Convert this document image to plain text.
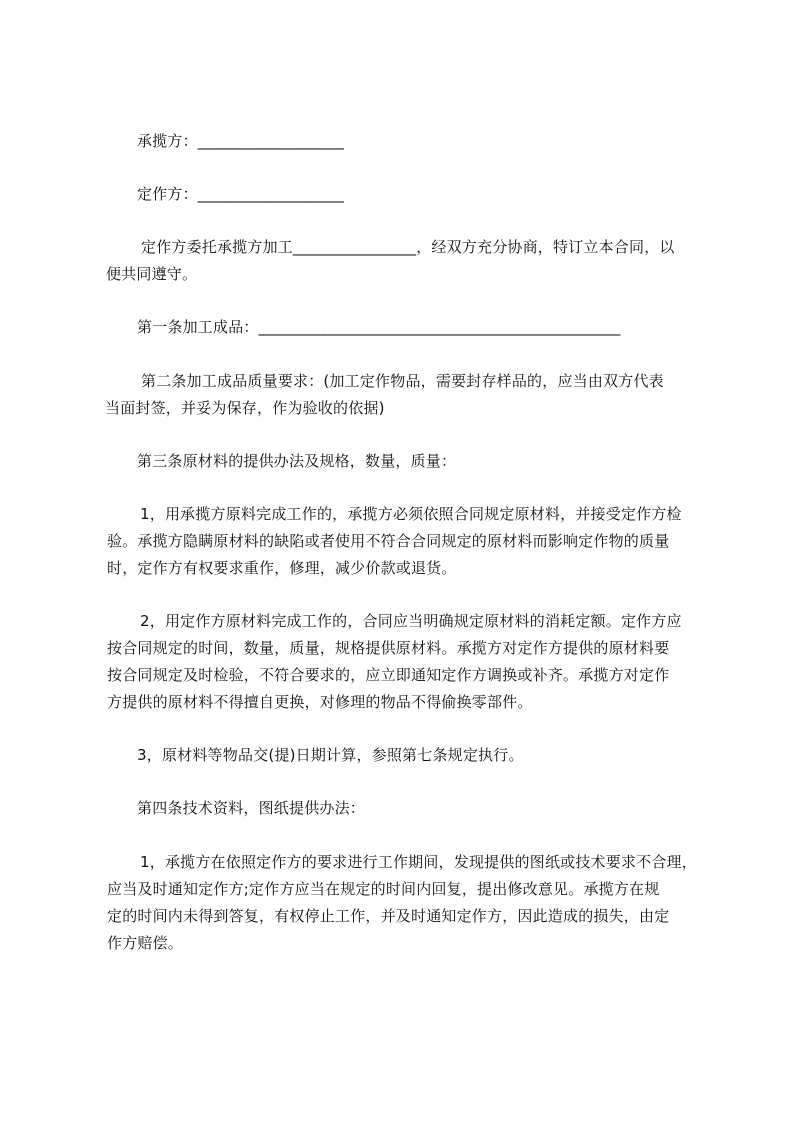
承揽方：___________________
定作方：___________________
定作方委托承揽方加工________________，经双方充分协商，特订立本合同，以
便共同遵守。
第一条加工成品：_______________________________________________
第二条加工成品质量要求：(加工定作物品，需要封存样品的，应当由双方代表
当面封签，并妥为保存，作为验收的依据)
第三条原材料的提供办法及规格，数量，质量：
1，用承揽方原料完成工作的，承揽方必须依照合同规定原材料，并接受定作方检
验。承揽方隐瞒原材料的缺陷或者使用不符合合同规定的原材料而影响定作物的质量
时，定作方有权要求重作，修理，减少价款或退货。
2，用定作方原材料完成工作的，合同应当明确规定原材料的消耗定额。定作方应
按合同规定的时间，数量，质量，规格提供原材料。承揽方对定作方提供的原材料要
按合同规定及时检验，不符合要求的，应立即通知定作方调换或补齐。承揽方对定作
方提供的原材料不得擅自更换，对修理的物品不得偷换零部件。
3，原材料等物品交(提)日期计算，参照第七条规定执行。
第四条技术资料，图纸提供办法：
1，承揽方在依照定作方的要求进行工作期间，发现提供的图纸或技术要求不合理，
应当及时通知定作方;定作方应当在规定的时间内回复，提出修改意见。承揽方在规
定的时间内未得到答复，有权停止工作，并及时通知定作方，因此造成的损失，由定
作方赔偿。
